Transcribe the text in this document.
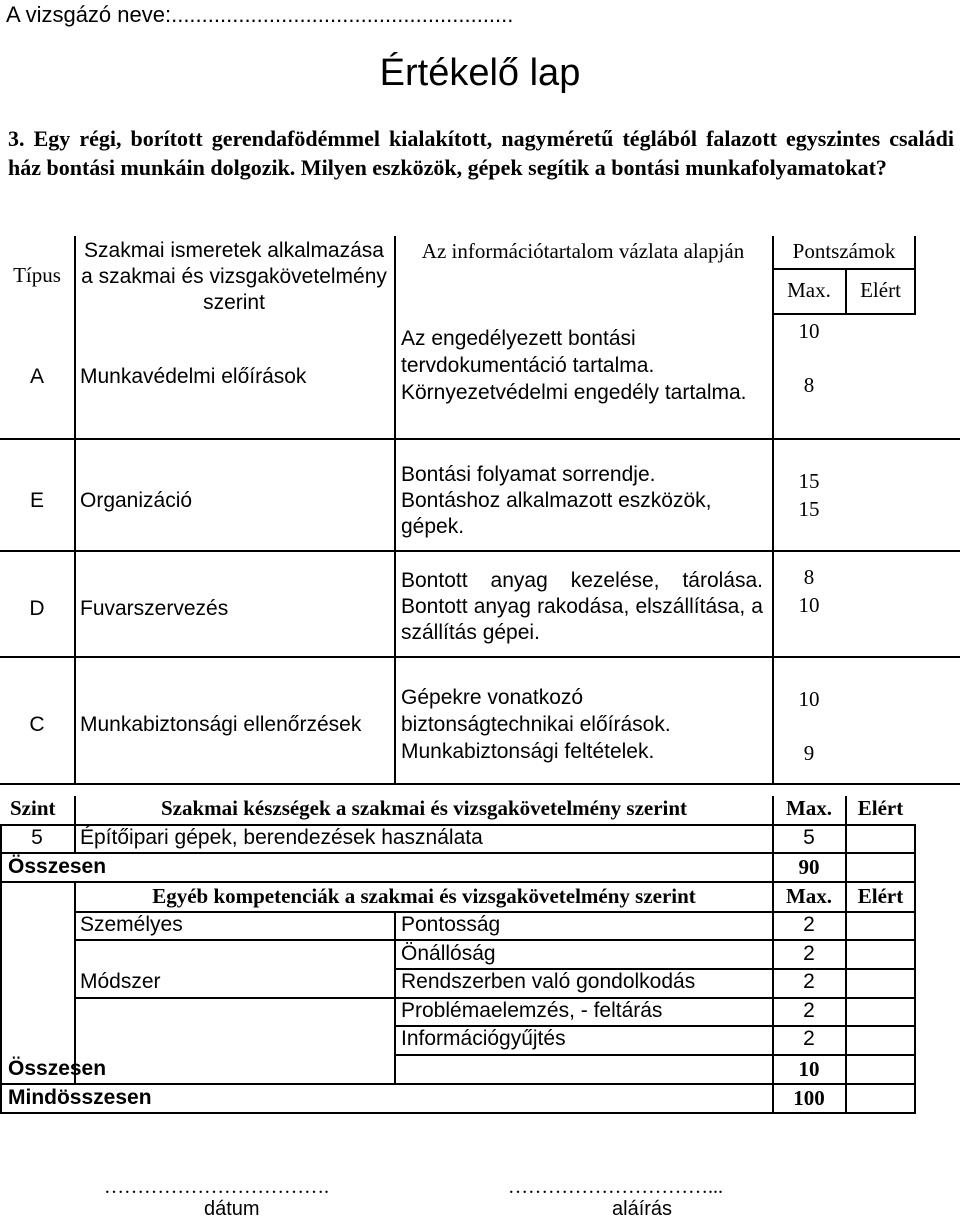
A vizsgázó neve:........................................................
Értékelő lap
3. Egy régi, borított gerendafödémmel kialakított, nagyméretű téglából falazott egyszintes családi ház bontási munkáin dolgozik. Milyen eszközök, gépek segítik a bontási munkafolyamatokat?
Típus
Szakmai ismeretek alkalmazása a szakmai és vizsgakövetelmény szerint
Az információtartalom vázlata alapján	Pontszámok
Max.	Elért
A	Munkavédelmi előírások
Az engedélyezett bontási tervdokumentáció tartalma. Környezetvédelmi engedély tartalma.
10
8
E	Organizáció
Bontási folyamat sorrendje. Bontáshoz alkalmazott eszközök, gépek.
15
15
D	Fuvarszervezés
Bontott anyag kezelése, tárolása. Bontott anyag rakodása, elszállítása, a szállítás gépei.
8
10
C	Munkabiztonsági ellenőrzések
Gépekre vonatkozó biztonságtechnikai előírások. Munkabiztonsági feltételek.
10
9
Szint	Szakmai készségek a szakmai és vizsgakövetelmény szerint	Max.	Elért
5	Építőipari gépek, berendezések használata	5
Összesen	90
Egyéb kompetenciák a szakmai és vizsgakövetelmény szerint	Max.	Elért
Személyes	Pontosság	2
Önállóság	2
Módszer	Rendszerben való gondolkodás	2
Problémaelemzés, - feltárás	2
Információgyűjtés	2
Összesen	10
Mindösszesen	100
…………………………….
dátum
…………………………...
aláírás
